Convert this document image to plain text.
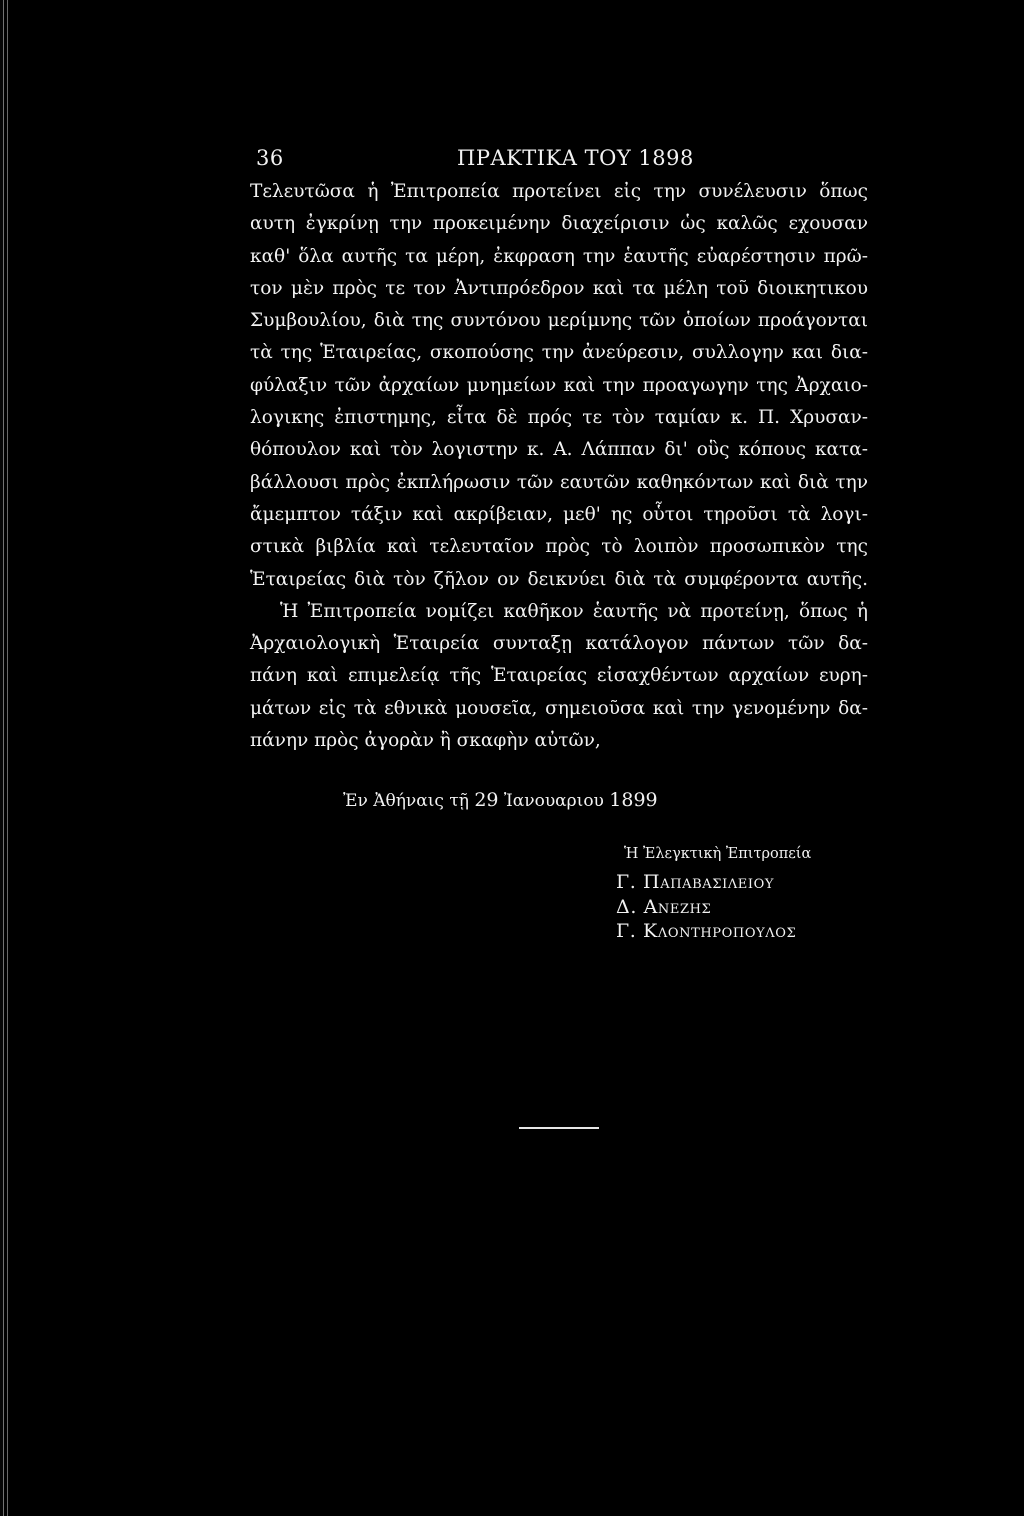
36	ΠΡΑΚΤΙΚΑ ΤΟΥ 1898
Τελευτῶσα ἡ Ἐπιτροπεία προτείνει εἰς την συνέλευσιν ὅπως
αυτη ἐγκρίνῃ την προκειμένην διαχείρισιν ὡς καλῶς εχουσαν
καθ' ὅλα αυτῆς τα μέρη, ἐκφραση την ἑαυτῆς εὐαρέστησιν πρῶ-
τον μὲν πρὸς τε τον Ἀντιπρόεδρον καὶ τα μέλη τοῦ διοικητικου
Συμβουλίου, διὰ της συντόνου μερίμνης τῶν ὁποίων προάγονται
τὰ της Ἑταιρείας, σκοπούσης την ἀνεύρεσιν, συλλογην και δια-
φύλαξιν τῶν ἀρχαίων μνημείων καὶ την προαγωγην της Ἀρχαιο-
λογικης ἐπιστημης, εἶτα δὲ πρός τε τὸν ταμίαν κ. Π. Χρυσαν-
θόπουλον καὶ τὸν λογιστην κ. Α. Λάππαν δι' οὓς κόπους κατα-
βάλλουσι πρὸς ἐκπλήρωσιν τῶν εαυτῶν καθηκόντων καὶ διὰ την
ἄμεμπτον τάξιν καὶ ακρίβειαν, μεθ' ης οὗτοι τηροῦσι τὰ λογι-
στικὰ βιβλία καὶ τελευταῖον πρὸς τὸ λοιπὸν προσωπικὸν της
Ἑταιρείας διὰ τὸν ζῆλον ον δεικνύει διὰ τὰ συμφέροντα αυτῆς.
Ἡ Ἐπιτροπεία νομίζει καθῆκον ἑαυτῆς νὰ προτείνῃ, ὅπως ἡ
Ἀρχαιολογικὴ Ἑταιρεία συνταξῃ κατάλογον πάντων τῶν δα-
πάνη καὶ επιμελείᾳ τῆς Ἑταιρείας εἰσαχθέντων αρχαίων ευρη-
μάτων εἰς τὰ εθνικὰ μουσεῖα, σημειοῦσα καὶ την γενομένην δα-
πάνην πρὸς ἀγορὰν ἢ σκαφὴν αὐτῶν,
Ἐν Ἀθήναις τῇ 29 Ἰανουαριου 1899
Ἡ Ἐλεγκτικὴ Ἐπιτροπεία
Γ. Παπαβασιλειου
Δ. Ανεζησ
Γ. Κλοντηροπουλοσ
